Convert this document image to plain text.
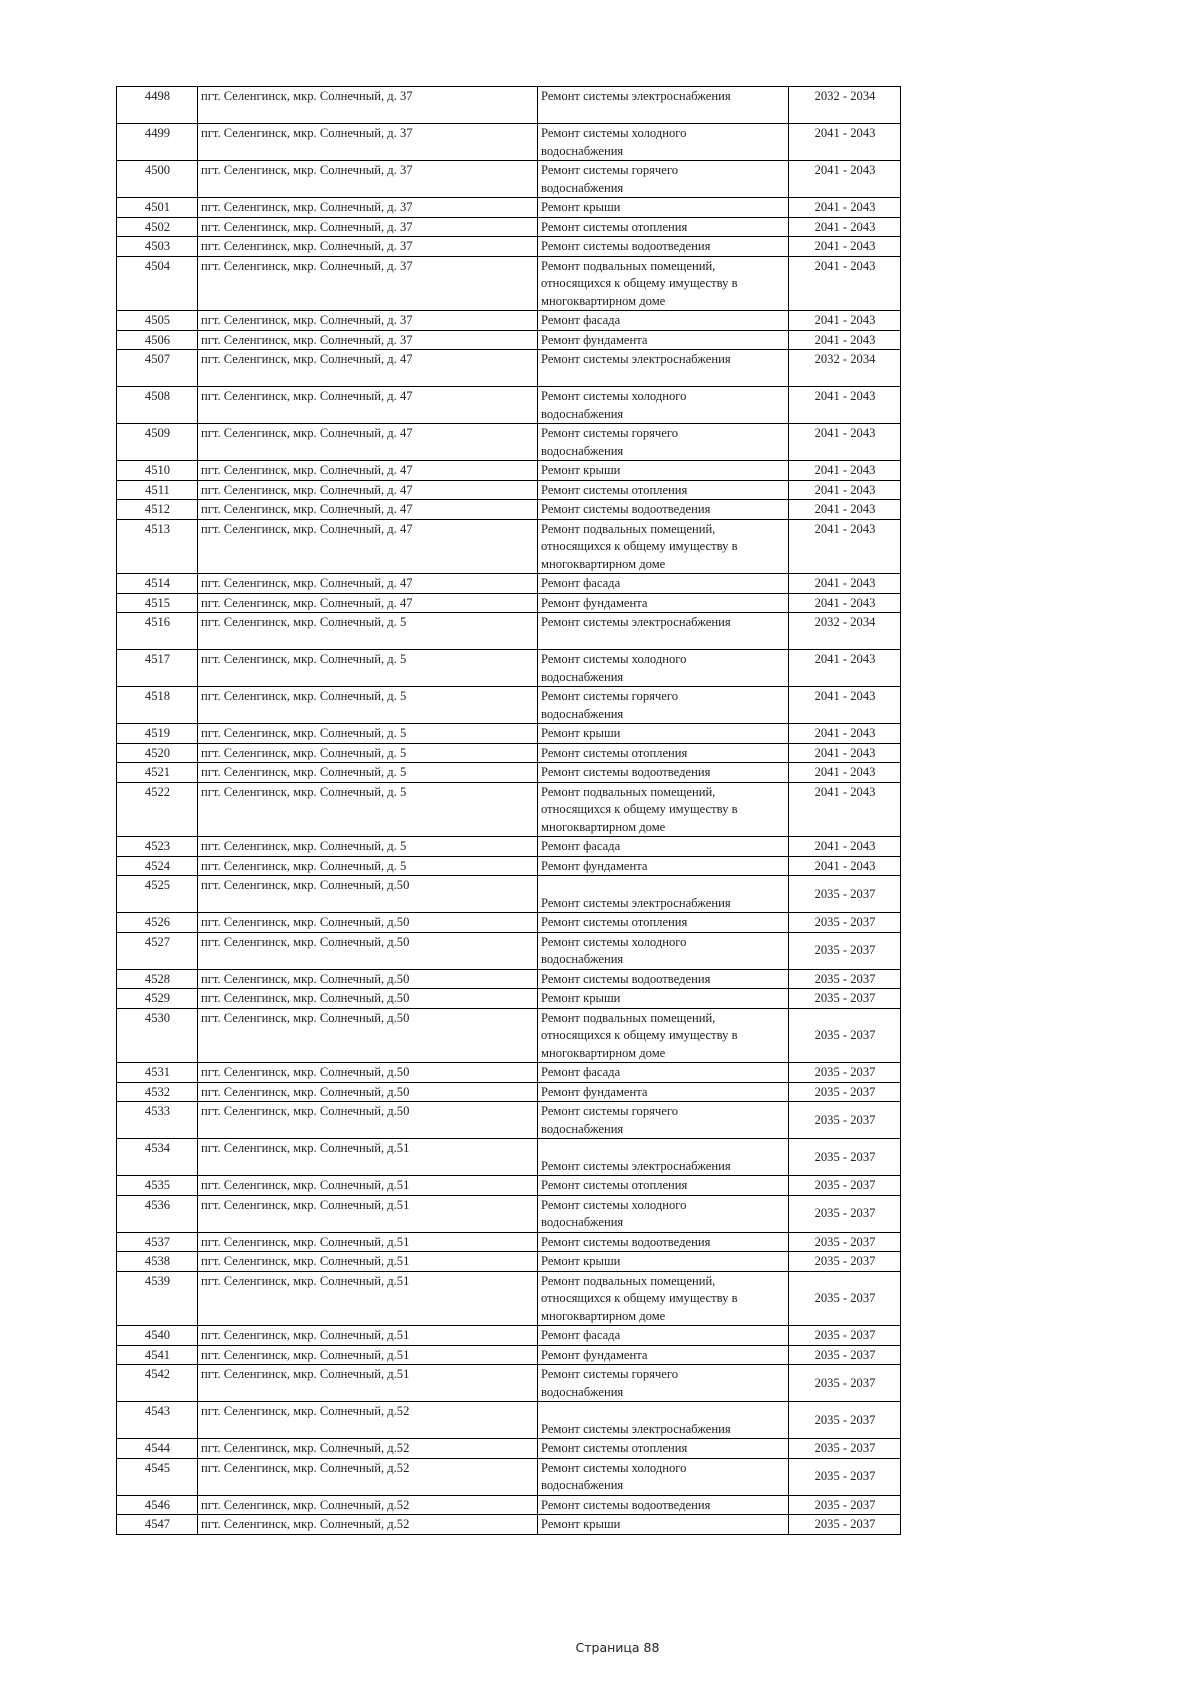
4498	пгт. Селенгинск, мкр. Солнечный, д. 37	Ремонт системы электроснабжения	2032 - 2034
4499	пгт. Селенгинск, мкр. Солнечный, д. 37	Ремонт системы холодного
водоснабжения	2041 - 2043
4500	пгт. Селенгинск, мкр. Солнечный, д. 37	Ремонт системы горячего
водоснабжения	2041 - 2043
4501	пгт. Селенгинск, мкр. Солнечный, д. 37	Ремонт крыши	2041 - 2043
4502	пгт. Селенгинск, мкр. Солнечный, д. 37	Ремонт системы отопления	2041 - 2043
4503	пгт. Селенгинск, мкр. Солнечный, д. 37	Ремонт системы водоотведения	2041 - 2043
4504	пгт. Селенгинск, мкр. Солнечный, д. 37	Ремонт подвальных помещений,
относящихся к общему имуществу в
многоквартирном доме	2041 - 2043
4505	пгт. Селенгинск, мкр. Солнечный, д. 37	Ремонт фасада	2041 - 2043
4506	пгт. Селенгинск, мкр. Солнечный, д. 37	Ремонт фундамента	2041 - 2043
4507	пгт. Селенгинск, мкр. Солнечный, д. 47	Ремонт системы электроснабжения	2032 - 2034
4508	пгт. Селенгинск, мкр. Солнечный, д. 47	Ремонт системы холодного
водоснабжения	2041 - 2043
4509	пгт. Селенгинск, мкр. Солнечный, д. 47	Ремонт системы горячего
водоснабжения	2041 - 2043
4510	пгт. Селенгинск, мкр. Солнечный, д. 47	Ремонт крыши	2041 - 2043
4511	пгт. Селенгинск, мкр. Солнечный, д. 47	Ремонт системы отопления	2041 - 2043
4512	пгт. Селенгинск, мкр. Солнечный, д. 47	Ремонт системы водоотведения	2041 - 2043
4513	пгт. Селенгинск, мкр. Солнечный, д. 47	Ремонт подвальных помещений,
относящихся к общему имуществу в
многоквартирном доме	2041 - 2043
4514	пгт. Селенгинск, мкр. Солнечный, д. 47	Ремонт фасада	2041 - 2043
4515	пгт. Селенгинск, мкр. Солнечный, д. 47	Ремонт фундамента	2041 - 2043
4516	пгт. Селенгинск, мкр. Солнечный, д. 5	Ремонт системы электроснабжения	2032 - 2034
4517	пгт. Селенгинск, мкр. Солнечный, д. 5	Ремонт системы холодного
водоснабжения	2041 - 2043
4518	пгт. Селенгинск, мкр. Солнечный, д. 5	Ремонт системы горячего
водоснабжения	2041 - 2043
4519	пгт. Селенгинск, мкр. Солнечный, д. 5	Ремонт крыши	2041 - 2043
4520	пгт. Селенгинск, мкр. Солнечный, д. 5	Ремонт системы отопления	2041 - 2043
4521	пгт. Селенгинск, мкр. Солнечный, д. 5	Ремонт системы водоотведения	2041 - 2043
4522	пгт. Селенгинск, мкр. Солнечный, д. 5	Ремонт подвальных помещений,
относящихся к общему имуществу в
многоквартирном доме	2041 - 2043
4523	пгт. Селенгинск, мкр. Солнечный, д. 5	Ремонт фасада	2041 - 2043
4524	пгт. Селенгинск, мкр. Солнечный, д. 5	Ремонт фундамента	2041 - 2043
4525	пгт. Селенгинск, мкр. Солнечный, д.50	Ремонт системы электроснабжения	2035 - 2037
4526	пгт. Селенгинск, мкр. Солнечный, д.50	Ремонт системы отопления	2035 - 2037
4527	пгт. Селенгинск, мкр. Солнечный, д.50	Ремонт системы холодного
водоснабжения	2035 - 2037
4528	пгт. Селенгинск, мкр. Солнечный, д.50	Ремонт системы водоотведения	2035 - 2037
4529	пгт. Селенгинск, мкр. Солнечный, д.50	Ремонт крыши	2035 - 2037
4530	пгт. Селенгинск, мкр. Солнечный, д.50	Ремонт подвальных помещений,
относящихся к общему имуществу в
многоквартирном доме	2035 - 2037
4531	пгт. Селенгинск, мкр. Солнечный, д.50	Ремонт фасада	2035 - 2037
4532	пгт. Селенгинск, мкр. Солнечный, д.50	Ремонт фундамента	2035 - 2037
4533	пгт. Селенгинск, мкр. Солнечный, д.50	Ремонт системы горячего
водоснабжения	2035 - 2037
4534	пгт. Селенгинск, мкр. Солнечный, д.51	Ремонт системы электроснабжения	2035 - 2037
4535	пгт. Селенгинск, мкр. Солнечный, д.51	Ремонт системы отопления	2035 - 2037
4536	пгт. Селенгинск, мкр. Солнечный, д.51	Ремонт системы холодного
водоснабжения	2035 - 2037
4537	пгт. Селенгинск, мкр. Солнечный, д.51	Ремонт системы водоотведения	2035 - 2037
4538	пгт. Селенгинск, мкр. Солнечный, д.51	Ремонт крыши	2035 - 2037
4539	пгт. Селенгинск, мкр. Солнечный, д.51	Ремонт подвальных помещений,
относящихся к общему имуществу в
многоквартирном доме	2035 - 2037
4540	пгт. Селенгинск, мкр. Солнечный, д.51	Ремонт фасада	2035 - 2037
4541	пгт. Селенгинск, мкр. Солнечный, д.51	Ремонт фундамента	2035 - 2037
4542	пгт. Селенгинск, мкр. Солнечный, д.51	Ремонт системы горячего
водоснабжения	2035 - 2037
4543	пгт. Селенгинск, мкр. Солнечный, д.52	Ремонт системы электроснабжения	2035 - 2037
4544	пгт. Селенгинск, мкр. Солнечный, д.52	Ремонт системы отопления	2035 - 2037
4545	пгт. Селенгинск, мкр. Солнечный, д.52	Ремонт системы холодного
водоснабжения	2035 - 2037
4546	пгт. Селенгинск, мкр. Солнечный, д.52	Ремонт системы водоотведения	2035 - 2037
4547	пгт. Селенгинск, мкр. Солнечный, д.52	Ремонт крыши	2035 - 2037
Страница 88
